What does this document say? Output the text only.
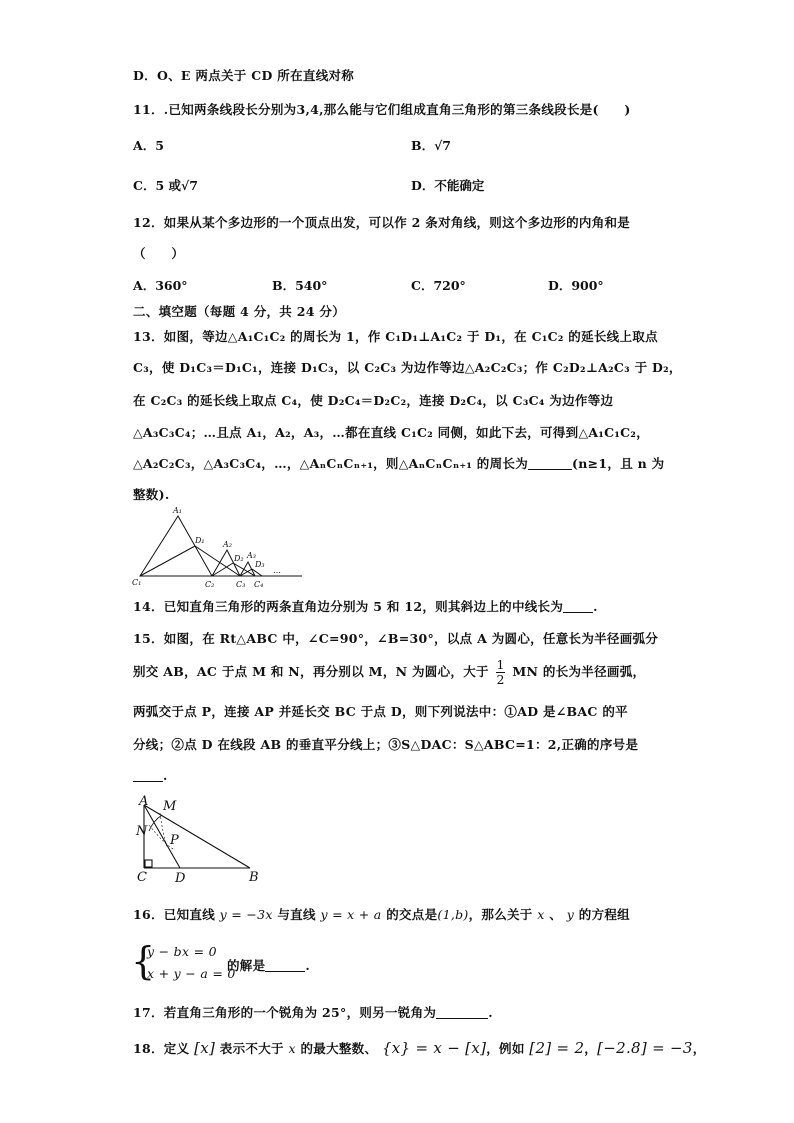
D．O、E 两点关于 CD 所在直线对称
11．.已知两条线段长分别为3,4,那么能与它们组成直角三角形的第三条线段长是(　　)
A．5	B．√7
C．5 或√7	D．不能确定
12．如果从某个多边形的一个顶点出发，可以作 2 条对角线，则这个多边形的内角和是
（　　）
A．360°	B．540°	C．720°	D．900°
二、填空题（每题 4 分，共 24 分）
13．如图，等边△A₁C₁C₂ 的周长为 1，作 C₁D₁⊥A₁C₂ 于 D₁，在 C₁C₂ 的延长线上取点
C₃，使 D₁C₃＝D₁C₁，连接 D₁C₃，以 C₂C₃ 为边作等边△A₂C₂C₃；作 C₂D₂⊥A₂C₃ 于 D₂，
在 C₂C₃ 的延长线上取点 C₄，使 D₂C₄＝D₂C₂，连接 D₂C₄，以 C₃C₄ 为边作等边
△A₃C₃C₄；…且点 A₁，A₂，A₃，…都在直线 C₁C₂ 同侧，如此下去，可得到△A₁C₁C₂，
△A₂C₂C₃，△A₃C₃C₄，…，△AₙCₙCₙ₊₁，则△AₙCₙCₙ₊₁ 的周长为	(n≥1，且 n 为
整数).
A₁
D₁ A₂
D₂ A₃
D₃
C₁	C₂	C₃ C₄
…
14．已知直角三角形的两条直角边分别为 5 和 12，则其斜边上的中线长为 .
15．如图，在 Rt△ABC 中，∠C=90°，∠B=30°，以点 A 为圆心，任意长为半径画弧分
别交 AB，AC 于点 M 和 N，再分别以 M，N 为圆心，大于 $\frac{1}{2}$ MN 的长为半径画弧，
两弧交于点 P，连接 AP 并延长交 BC 于点 D，则下列说法中：①AD 是∠BAC 的平
分线；②点 D 在线段 AB 的垂直平分线上；③S△DAC：S△ABC=1：2,正确的序号是
.
A M
N
P
C D	B
16．已知直线 y = −3x 与直线 y = x + a 的交点是(1,b)，那么关于 x 、 y 的方程组
{
y − bx = 0
x + y − a = 0
的解是	.
17．若直角三角形的一个锐角为 25°，则另一锐角为	.
18．定义 [x] 表示不大于 x 的最大整数、 {x} = x − [x]，例如 [2] = 2，[−2.8] = −3，
